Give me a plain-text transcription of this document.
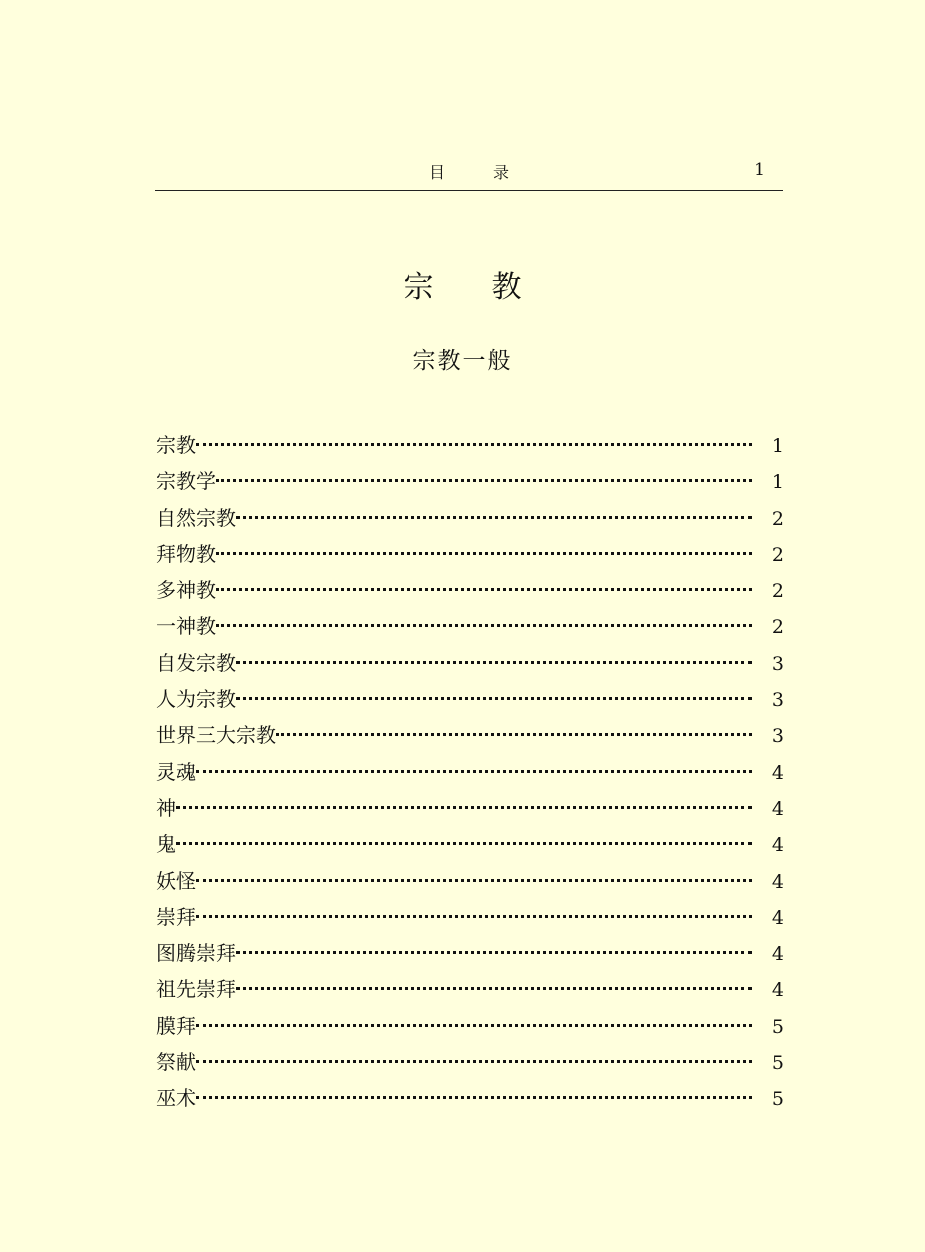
目录	1
宗教
宗教一般
宗教	1
宗教学	1
自然宗教	2
拜物教	2
多神教	2
一神教	2
自发宗教	3
人为宗教	3
世界三大宗教	3
灵魂	4
神	4
鬼	4
妖怪	4
崇拜	4
图腾崇拜	4
祖先崇拜	4
膜拜	5
祭献	5
巫术	5
